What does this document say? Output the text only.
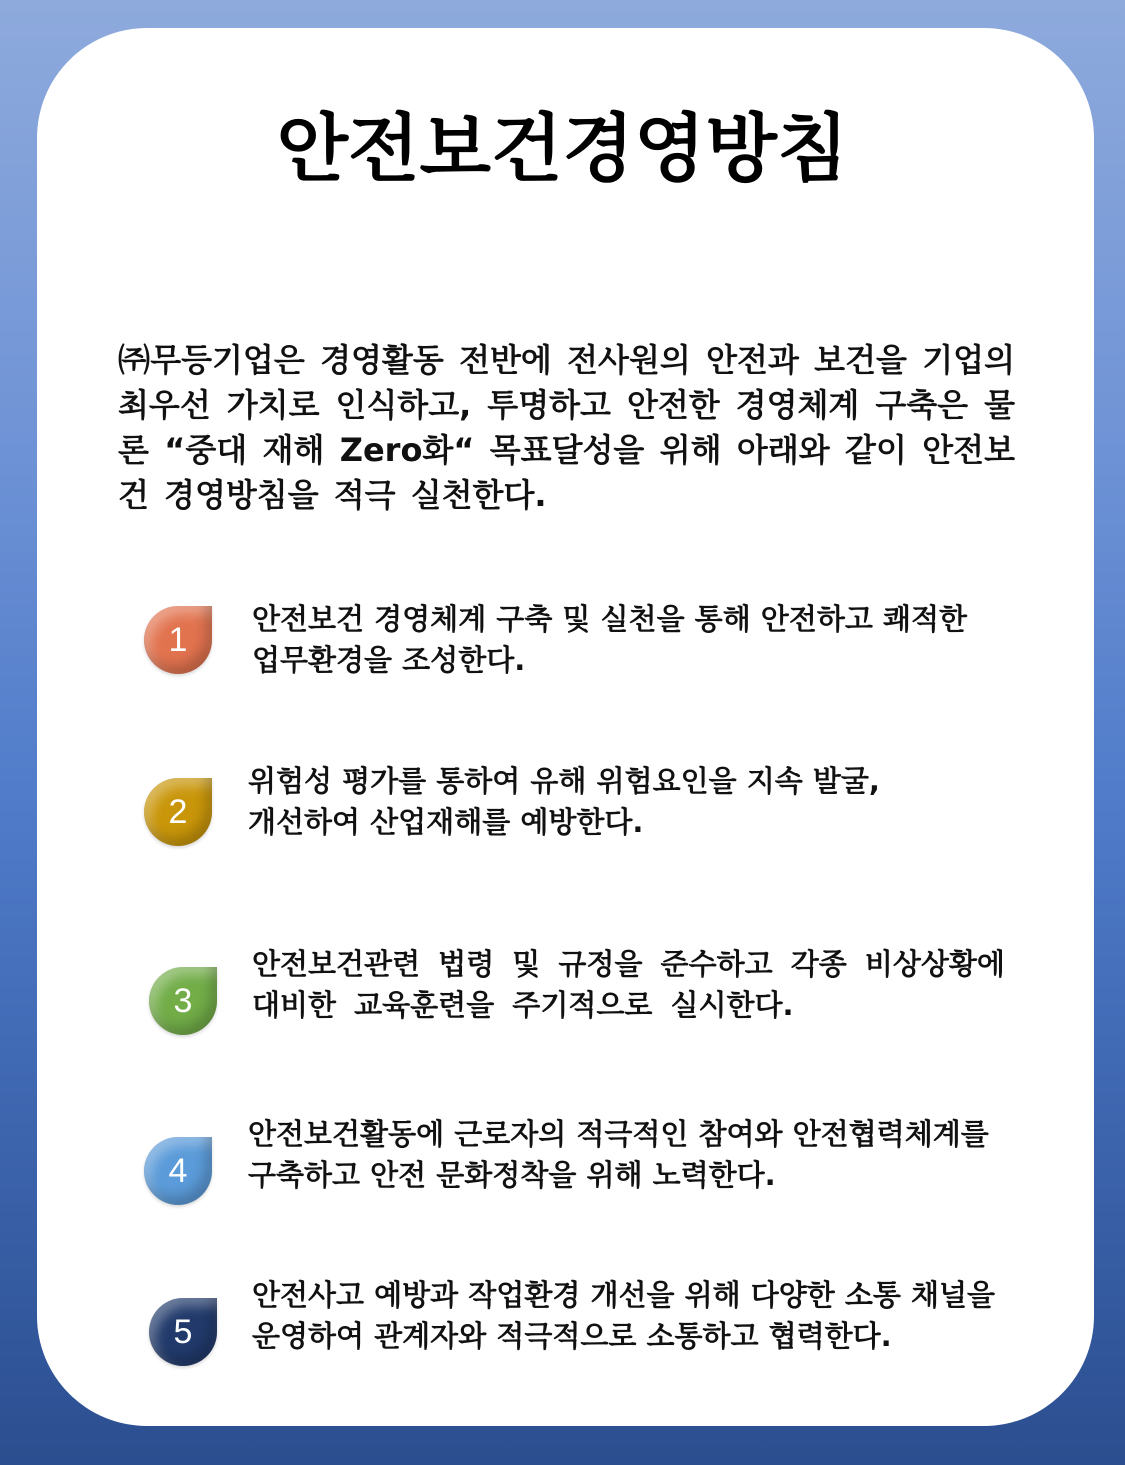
안전보건경영방침

㈜무등기업은 경영활동 전반에 전사원의 안전과 보건을 기업의 최우선 가치로 인식하고, 투명하고 안전한 경영체계 구축은 물론 “중대 재해 Zero화“ 목표달성을 위해 아래와 같이 안전보건 경영방침을 적극 실천한다.

1

안전보건 경영체계 구축 및 실천을 통해 안전하고 쾌적한
업무환경을 조성한다.

2

위험성 평가를 통하여 유해 위험요인을 지속 발굴,
개선하여 산업재해를 예방한다.

3

안전보건관련 법령 및 규정을 준수하고 각종 비상상황에
대비한 교육훈련을 주기적으로 실시한다.

4

안전보건활동에 근로자의 적극적인 참여와 안전협력체계를
구축하고 안전 문화정착을 위해 노력한다.

5

안전사고 예방과 작업환경 개선을 위해 다양한 소통 채널을
운영하여 관계자와 적극적으로 소통하고 협력한다.
